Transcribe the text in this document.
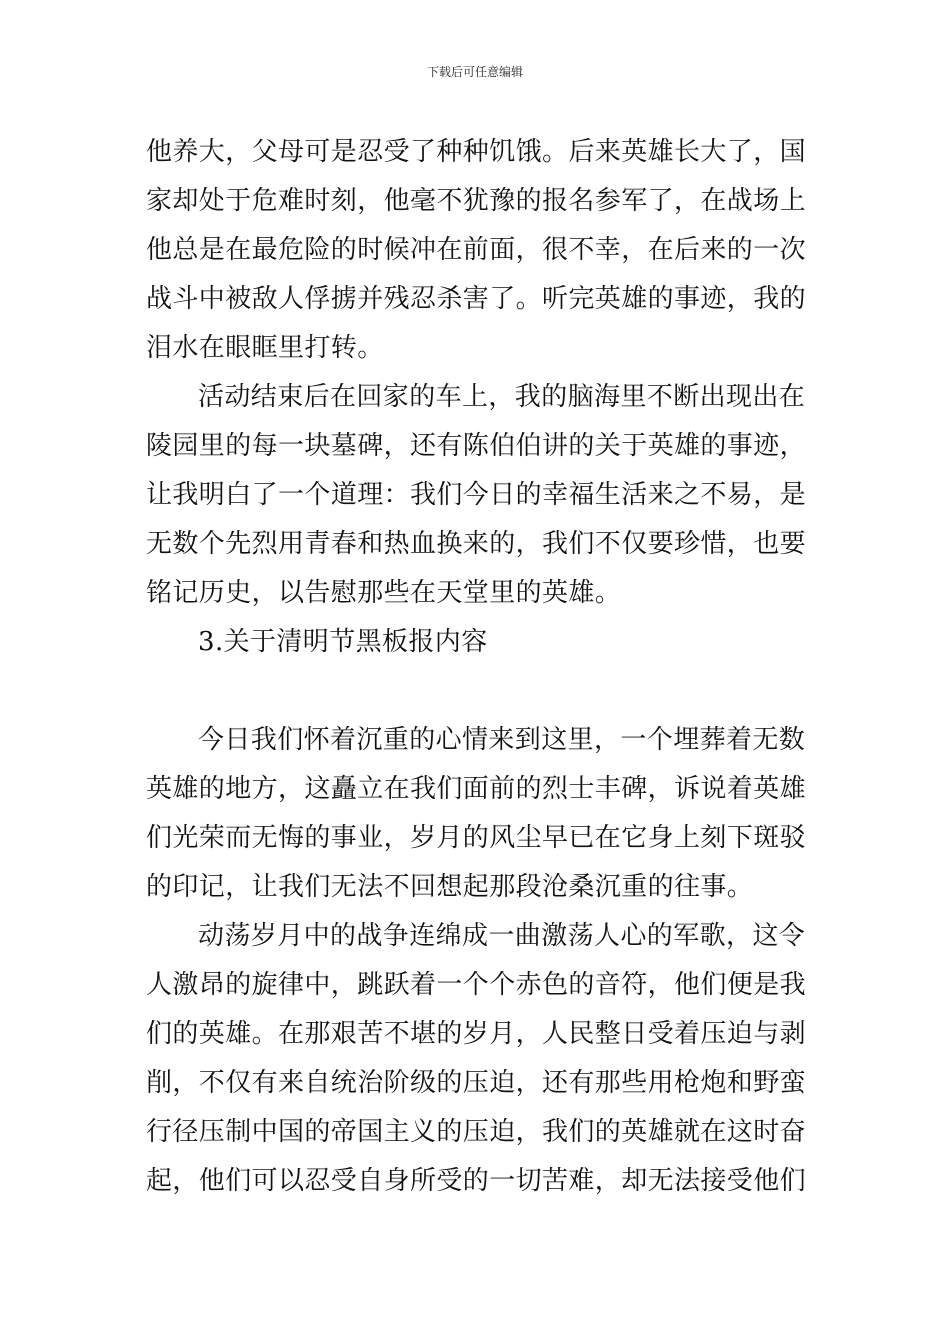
下载后可任意编辑
他养大，父母可是忍受了种种饥饿。后来英雄长大了，国
家却处于危难时刻，他毫不犹豫的报名参军了，在战场上
他总是在最危险的时候冲在前面，很不幸，在后来的一次
战斗中被敌人俘掳并残忍杀害了。听完英雄的事迹，我的
泪水在眼眶里打转。
活动结束后在回家的车上，我的脑海里不断出现出在
陵园里的每一块墓碑，还有陈伯伯讲的关于英雄的事迹，
让我明白了一个道理：我们今日的幸福生活来之不易，是
无数个先烈用青春和热血换来的，我们不仅要珍惜，也要
铭记历史，以告慰那些在天堂里的英雄。
3.关于清明节黑板报内容
今日我们怀着沉重的心情来到这里，一个埋葬着无数
英雄的地方，这矗立在我们面前的烈士丰碑，诉说着英雄
们光荣而无悔的事业，岁月的风尘早已在它身上刻下斑驳
的印记，让我们无法不回想起那段沧桑沉重的往事。
动荡岁月中的战争连绵成一曲激荡人心的军歌，这令
人激昂的旋律中，跳跃着一个个赤色的音符，他们便是我
们的英雄。在那艰苦不堪的岁月，人民整日受着压迫与剥
削，不仅有来自统治阶级的压迫，还有那些用枪炮和野蛮
行径压制中国的帝国主义的压迫，我们的英雄就在这时奋
起，他们可以忍受自身所受的一切苦难，却无法接受他们
